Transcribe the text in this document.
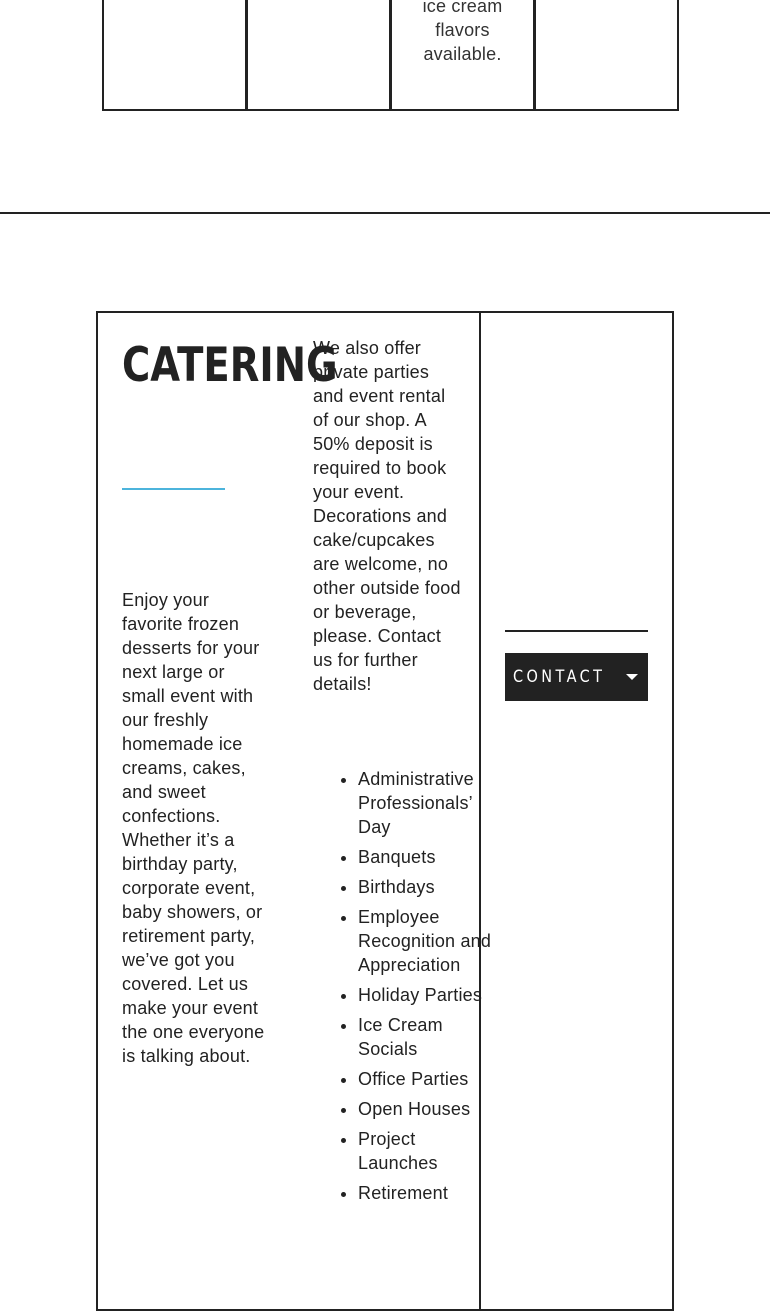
ice cream
flavors
available.
CATERING

Enjoy your favorite frozen desserts for your next large or small event with our freshly homemade ice creams, cakes, and sweet confections. Whether it’s a birthday party, corporate event, baby showers, or retirement party, we’ve got you covered. Let us make your event the one everyone is talking about.

We also offer private parties and event rental of our shop. A 50% deposit is required to book your event. Decorations and cake/cupcakes are welcome, no other outside food or beverage, please. Contact us for further details!

• Administrative Professionals’ Day
• Banquets
• Birthdays
• Employee Recognition and Appreciation
• Holiday Parties
• Ice Cream Socials
• Office Parties
• Open Houses
• Project Launches
• Retirement
CONTACT
